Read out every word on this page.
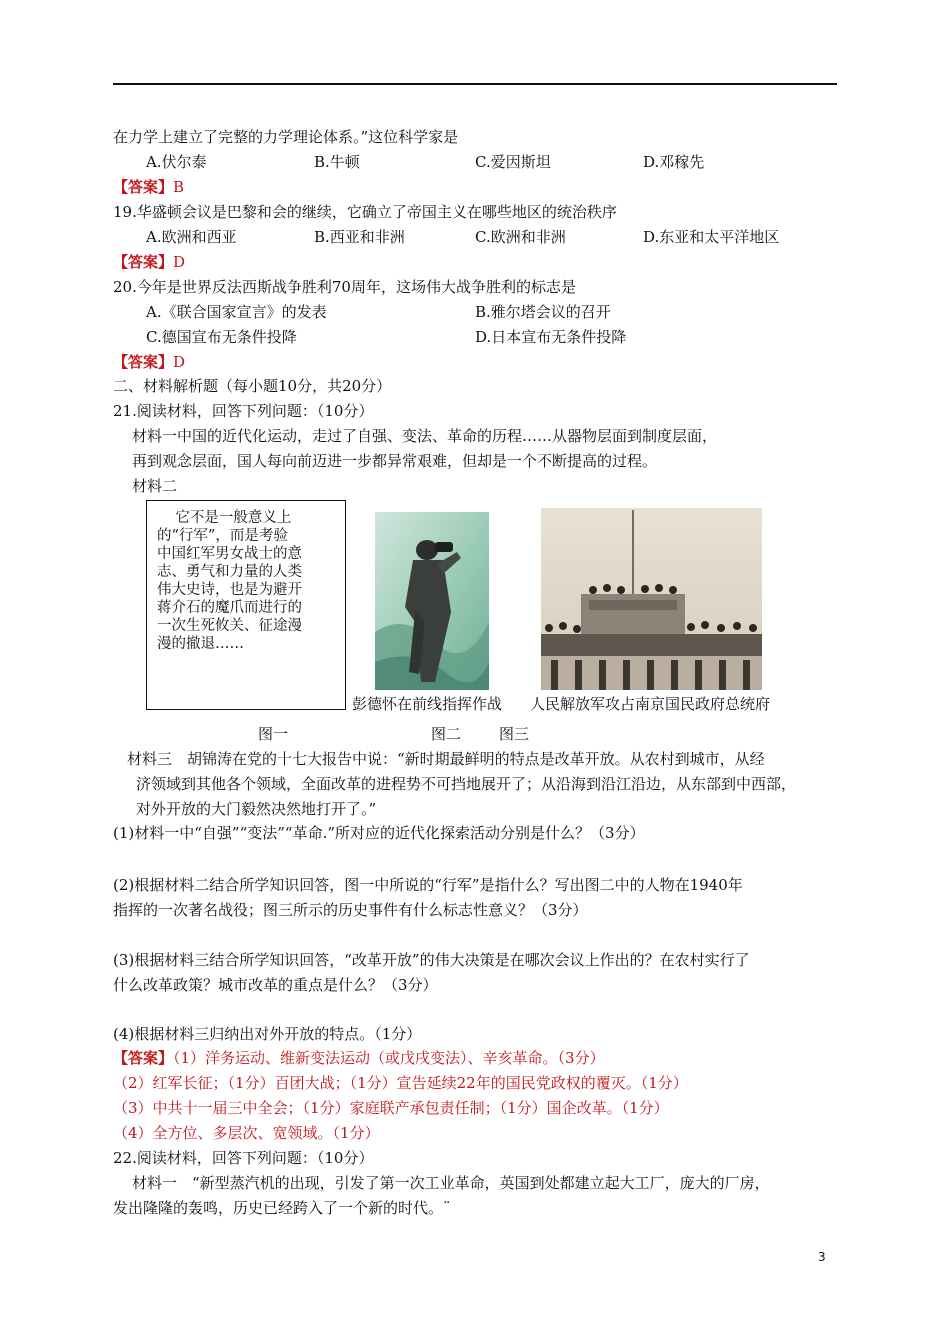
在力学上建立了完整的力学理论体系。”这位科学家是
A.伏尔泰	B.牛顿	C.爱因斯坦	D.邓稼先
【答案】B
19.华盛顿会议是巴黎和会的继续，它确立了帝国主义在哪些地区的统治秩序
A.欧洲和西亚	B.西亚和非洲	C.欧洲和非洲	D.东亚和太平洋地区
【答案】D
20.今年是世界反法西斯战争胜利70周年，这场伟大战争胜利的标志是
A.《联合国家宣言》的发表	B.雅尔塔会议的召开
C.德国宣布无条件投降	D.日本宣布无条件投降
【答案】D
二、材料解析题（每小题10分，共20分）
21.阅读材料，回答下列问题：（10分）
材料一中国的近代化运动，走过了自强、变法、革命的历程……从器物层面到制度层面，
再到观念层面，国人每向前迈进一步都异常艰难，但却是一个不断提高的过程。
材料二
它不是一般意义上
的“行军”，而是考验
中国红军男女战士的意
志、勇气和力量的人类
伟大史诗，也是为避开
蒋介石的魔爪而进行的
一次生死攸关、征途漫
漫的撤退……
彭德怀在前线指挥作战 人民解放军攻占南京国民政府总统府
图一	图二	图三
材料三　胡锦涛在党的十七大报告中说：“新时期最鲜明的特点是改革开放。从农村到城市，从经
济领域到其他各个领域，全面改革的进程势不可挡地展开了；从沿海到沿江沿边，从东部到中西部，
对外开放的大门毅然决然地打开了。”
(1)材料一中“自强”“变法”“革命.”所对应的近代化探索活动分别是什么？（3分）
(2)根据材料二结合所学知识回答，图一中所说的“行军”是指什么？写出图二中的人物在1940年
指挥的一次著名战役；图三所示的历史事件有什么标志性意义？（3分）
(3)根据材料三结合所学知识回答，“改革开放”的伟大决策是在哪次会议上作出的？在农村实行了
什么改革政策？城市改革的重点是什么？（3分）
(4)根据材料三归纳出对外开放的特点。（1分）
【答案】（1）洋务运动、维新变法运动（或戊戌变法）、辛亥革命。（3分）
（2）红军长征；（1分）百团大战；（1分）宣告延续22年的国民党政权的覆灭。（1分）
（3）中共十一届三中全会；（1分）家庭联产承包责任制；（1分）国企改革。（1分）
（4）全方位、多层次、宽领域。（1分）
22.阅读材料，回答下列问题：（10分）
材料一　“新型蒸汽机的出现，引发了第一次工业革命，英国到处都建立起大工厂，庞大的厂房，
发出隆隆的轰鸣，历史已经跨入了一个新的时代。¨
3
